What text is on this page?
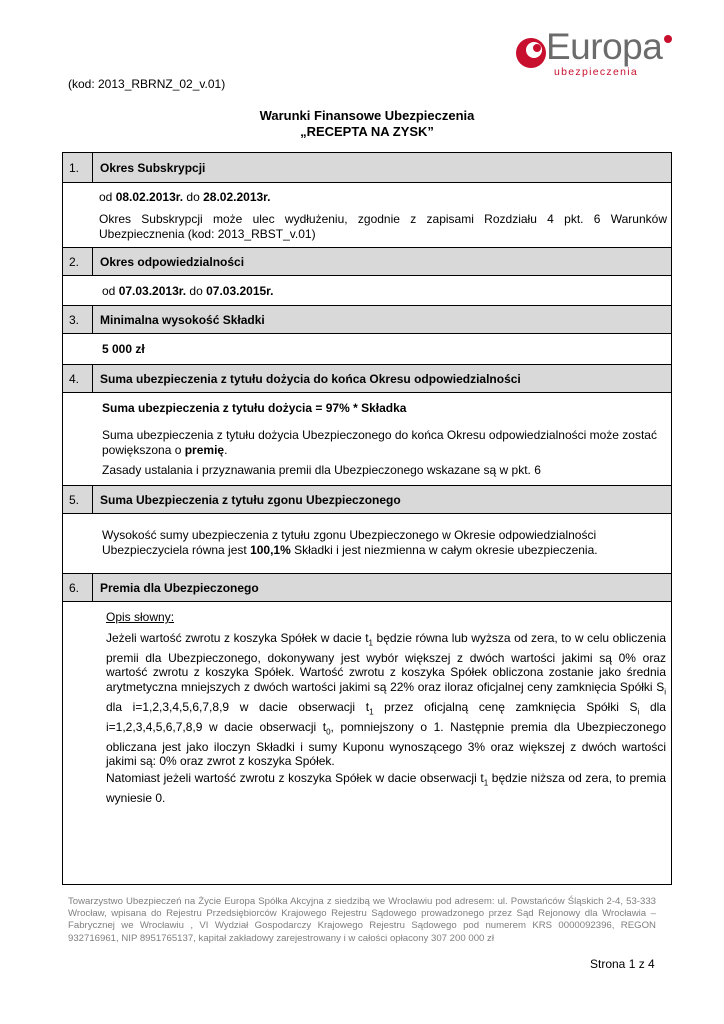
Europa
ubezpieczenia
(kod: 2013_RBRNZ_02_v.01)
Warunki Finansowe Ubezpieczenia
„RECEPTA NA ZYSK”
1.	Okres Subskrypcji
od 08.02.2013r. do 28.02.2013r.
Okres Subskrypcji może ulec wydłużeniu, zgodnie z zapisami Rozdziału 4 pkt. 6 Warunków Ubezpiecznenia (kod: 2013_RBST_v.01)
2.	Okres odpowiedzialności
od 07.03.2013r. do 07.03.2015r.
3.	Minimalna wysokość Składki
5 000 zł
4.	Suma ubezpieczenia z tytułu dożycia do końca Okresu odpowiedzialności
Suma ubezpieczenia z tytułu dożycia = 97% * Składka
Suma ubezpieczenia z tytułu dożycia Ubezpieczonego do końca Okresu odpowiedzialności może zostać powiększona o premię.
Zasady ustalania i przyznawania premii dla Ubezpieczonego wskazane są w pkt. 6
5.	Suma Ubezpieczenia z tytułu zgonu Ubezpieczonego
Wysokość sumy ubezpieczenia z tytułu zgonu Ubezpieczonego w Okresie odpowiedzialności Ubezpieczyciela równa jest 100,1% Składki i jest niezmienna w całym okresie ubezpieczenia.
6.	Premia dla Ubezpieczonego
Opis słowny:
Jeżeli wartość zwrotu z koszyka Spółek w dacie $t_1$ będzie równa lub wyższa od zera, to w celu obliczenia premii dla Ubezpieczonego, dokonywany jest wybór większej z dwóch wartości jakimi są 0% oraz wartość zwrotu z koszyka Spółek. Wartość zwrotu z koszyka Spółek obliczona zostanie jako średnia arytmetyczna mniejszych z dwóch wartości jakimi są 22% oraz iloraz oficjalnej ceny zamknięcia Spółki $S_i$ dla i=1,2,3,4,5,6,7,8,9 w dacie obserwacji $t_1$ przez oficjalną cenę zamknięcia Spółki $S_i$ dla i=1,2,3,4,5,6,7,8,9 w dacie obserwacji $t_0$, pomniejszony o 1. Następnie premia dla Ubezpieczonego obliczana jest jako iloczyn Składki i sumy Kuponu wynoszącego 3% oraz większej z dwóch wartości jakimi są: 0% oraz zwrot z koszyka Spółek.
Natomiast jeżeli wartość zwrotu z koszyka Spółek w dacie obserwacji $t_1$ będzie niższa od zera, to premia wyniesie 0.
Towarzystwo Ubezpieczeń na Życie Europa Spółka Akcyjna z siedzibą we Wrocławiu pod adresem: ul. Powstańców Śląskich 2-4, 53-333 Wrocław, wpisana do Rejestru Przedsiębiorców Krajowego Rejestru Sądowego prowadzonego przez Sąd Rejonowy dla Wrocławia – Fabrycznej we Wrocławiu , VI Wydział Gospodarczy Krajowego Rejestru Sądowego pod numerem KRS 0000092396, REGON 932716961, NIP 8951765137, kapitał zakładowy zarejestrowany i w całości opłacony 307 200 000 zł
Strona 1 z 4
